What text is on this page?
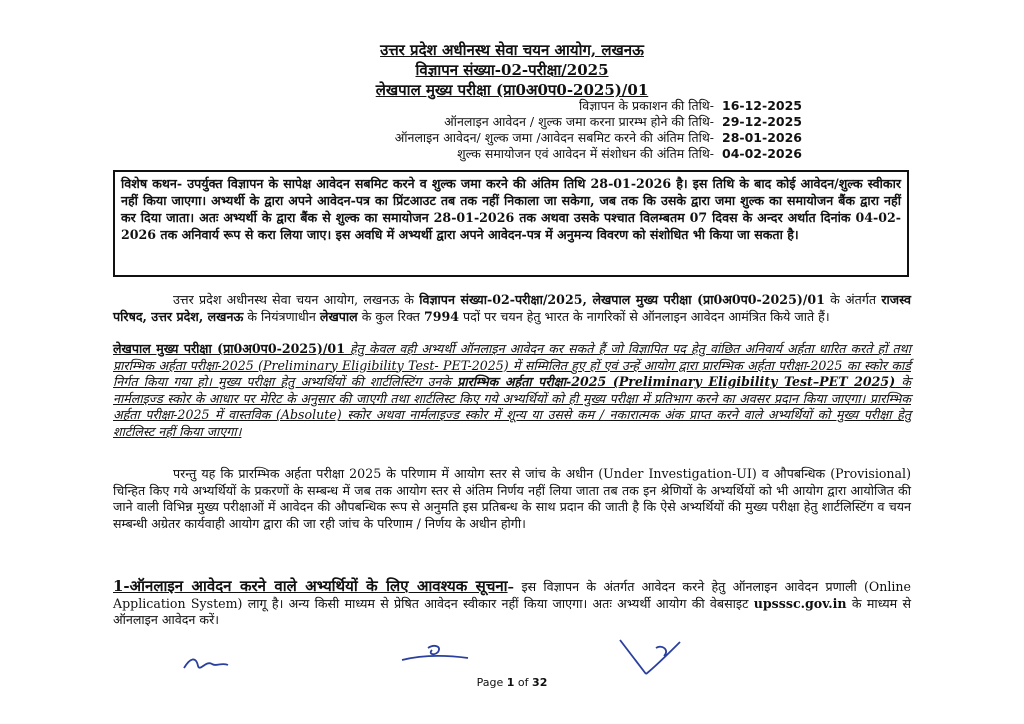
उत्तर प्रदेश अधीनस्थ सेवा चयन आयोग, लखनऊ
विज्ञापन संख्या-02-परीक्षा/2025
लेखपाल मुख्य परीक्षा (प्रा0अ0प0-2025)/01
विज्ञापन के प्रकाशन की तिथि- 16-12-2025
ऑनलाइन आवेदन / शुल्क जमा करना प्रारम्भ होने की तिथि- 29-12-2025
ऑनलाइन आवेदन/ शुल्क जमा /आवेदन सबमिट करने की अंतिम तिथि- 28-01-2026
शुल्क समायोजन एवं आवेदन में संशोधन की अंतिम तिथि- 04-02-2026
विशेष कथन- उपर्युक्त विज्ञापन के सापेक्ष आवेदन सबमिट करने व शुल्क जमा करने की अंतिम तिथि 28-01-2026 है। इस तिथि के बाद कोई आवेदन/शुल्क स्वीकार नहीं किया जाएगा। अभ्यर्थी के द्वारा अपने आवेदन-पत्र का प्रिंटआउट तब तक नहीं निकाला जा सकेगा, जब तक कि उसके द्वारा जमा शुल्क का समायोजन बैंक द्वारा नहीं कर दिया जाता। अतः अभ्यर्थी के द्वारा बैंक से शुल्क का समायोजन 28-01-2026 तक अथवा उसके पश्चात विलम्बतम 07 दिवस के अन्दर अर्थात दिनांक 04-02-2026 तक अनिवार्य रूप से करा लिया जाए। इस अवधि में अभ्यर्थी द्वारा अपने आवेदन-पत्र में अनुमन्य विवरण को संशोधित भी किया जा सकता है।
उत्तर प्रदेश अधीनस्थ सेवा चयन आयोग, लखनऊ के विज्ञापन संख्या-02-परीक्षा/2025, लेखपाल मुख्य परीक्षा (प्रा0अ0प0-2025)/01 के अंतर्गत राजस्व परिषद, उत्तर प्रदेश, लखनऊ के नियंत्रणाधीन लेखपाल के कुल रिक्त 7994 पदों पर चयन हेतु भारत के नागरिकों से ऑनलाइन आवेदन आमंत्रित किये जाते हैं।
लेखपाल मुख्य परीक्षा (प्रा0अ0प0-2025)/01 हेतु केवल वही अभ्यर्थी ऑनलाइन आवेदन कर सकते हैं जो विज्ञापित पद हेतु वांछित अनिवार्य अर्हता धारित करते हों तथा प्रारम्भिक अर्हता परीक्षा-2025 (Preliminary Eligibility Test- PET-2025) में सम्मिलित हुए हों एवं उन्हें आयोग द्वारा प्रारम्भिक अर्हता परीक्षा-2025 का स्कोर कार्ड निर्गत किया गया हो। मुख्य परीक्षा हेतु अभ्यर्थियों की शार्टलिस्टिंग उनके प्रारम्भिक अर्हता परीक्षा-2025 (Preliminary Eligibility Test–PET 2025) के नार्मलाइज्ड स्कोर के आधार पर मेरिट के अनुसार की जाएगी तथा शार्टलिस्ट किए गये अभ्यर्थियों को ही मुख्य परीक्षा में प्रतिभाग करने का अवसर प्रदान किया जाएगा। प्रारम्भिक अर्हता परीक्षा-2025 में वास्तविक (Absolute) स्कोर अथवा नार्मलाइज्ड स्कोर में शून्य या उससे कम / नकारात्मक अंक प्राप्त करने वाले अभ्यर्थियों को मुख्य परीक्षा हेतु शार्टलिस्ट नहीं किया जाएगा।
परन्तु यह कि प्रारम्भिक अर्हता परीक्षा 2025 के परिणाम में आयोग स्तर से जांच के अधीन (Under Investigation-UI) व औपबन्धिक (Provisional) चिन्हित किए गये अभ्यर्थियों के प्रकरणों के सम्बन्ध में जब तक आयोग स्तर से अंतिम निर्णय नहीं लिया जाता तब तक इन श्रेणियों के अभ्यर्थियों को भी आयोग द्वारा आयोजित की जाने वाली विभिन्न मुख्य परीक्षाओं में आवेदन की औपबन्धिक रूप से अनुमति इस प्रतिबन्ध के साथ प्रदान की जाती है कि ऐसे अभ्यर्थियों की मुख्य परीक्षा हेतु शार्टलिस्टिंग व चयन सम्बन्धी अग्रेतर कार्यवाही आयोग द्वारा की जा रही जांच के परिणाम / निर्णय के अधीन होगी।
1-ऑनलाइन आवेदन करने वाले अभ्यर्थियों के लिए आवश्यक सूचना– इस विज्ञापन के अंतर्गत आवेदन करने हेतु ऑनलाइन आवेदन प्रणाली (Online Application System) लागू है। अन्य किसी माध्यम से प्रेषित आवेदन स्वीकार नहीं किया जाएगा। अतः अभ्यर्थी आयोग की वेबसाइट upsssc.gov.in के माध्यम से ऑनलाइन आवेदन करें।
Page 1 of 32
